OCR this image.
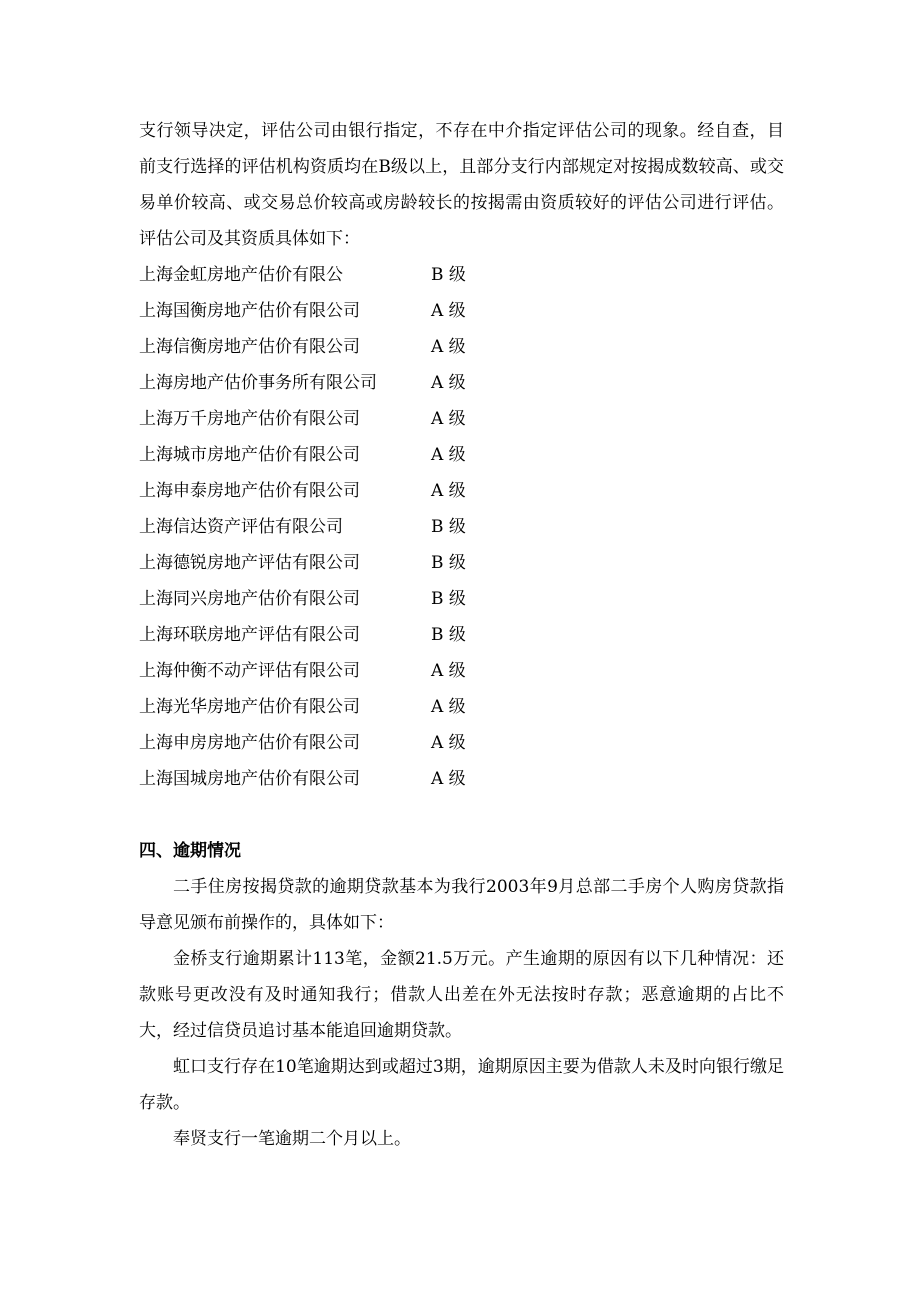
支行领导决定，评估公司由银行指定，不存在中介指定评估公司的现象。经自查，目前支行选择的评估机构资质均在B级以上，且部分支行内部规定对按揭成数较高、或交易单价较高、或交易总价较高或房龄较长的按揭需由资质较好的评估公司进行评估。评估公司及其资质具体如下：

上海金虹房地产估价有限公	B 级
上海国衡房地产估价有限公司	A 级
上海信衡房地产估价有限公司	A 级
上海房地产估价事务所有限公司	A 级
上海万千房地产估价有限公司	A 级
上海城市房地产估价有限公司	A 级
上海申泰房地产估价有限公司	A 级
上海信达资产评估有限公司	B 级
上海德锐房地产评估有限公司	B 级
上海同兴房地产估价有限公司	B 级
上海环联房地产评估有限公司	B 级
上海仲衡不动产评估有限公司	A 级
上海光华房地产估价有限公司	A 级
上海申房房地产估价有限公司	A 级
上海国城房地产估价有限公司	A 级
四、逾期情况

二手住房按揭贷款的逾期贷款基本为我行2003年9月总部二手房个人购房贷款指导意见颁布前操作的，具体如下：

金桥支行逾期累计113笔，金额21.5万元。产生逾期的原因有以下几种情况：还款账号更改没有及时通知我行；借款人出差在外无法按时存款；恶意逾期的占比不大，经过信贷员追讨基本能追回逾期贷款。

虹口支行存在10笔逾期达到或超过3期，逾期原因主要为借款人未及时向银行缴足存款。

奉贤支行一笔逾期二个月以上。
